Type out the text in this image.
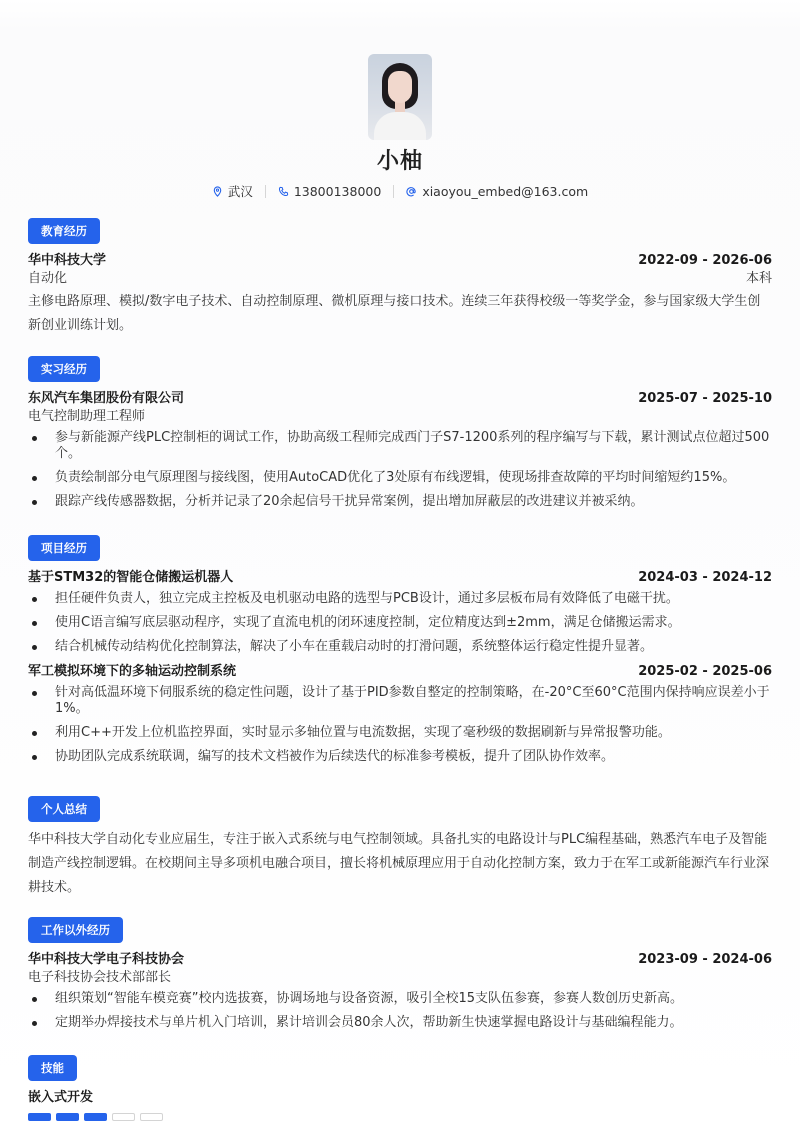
小柚
武汉	13800138000	xiaoyou_embed@163.com
教育经历
华中科技大学	2022-09 - 2026-06
自动化	本科
主修电路原理、模拟/数字电子技术、自动控制原理、微机原理与接口技术。连续三年获得校级一等奖学金，参与国家级大学生创新创业训练计划。
实习经历
东风汽车集团股份有限公司	2025-07 - 2025-10
电气控制助理工程师
参与新能源产线PLC控制柜的调试工作，协助高级工程师完成西门子S7-1200系列的程序编写与下载，累计测试点位超过500个。
负责绘制部分电气原理图与接线图，使用AutoCAD优化了3处原有布线逻辑，使现场排查故障的平均时间缩短约15%。
跟踪产线传感器数据，分析并记录了20余起信号干扰异常案例，提出增加屏蔽层的改进建议并被采纳。
项目经历
基于STM32的智能仓储搬运机器人	2024-03 - 2024-12
担任硬件负责人，独立完成主控板及电机驱动电路的选型与PCB设计，通过多层板布局有效降低了电磁干扰。
使用C语言编写底层驱动程序，实现了直流电机的闭环速度控制，定位精度达到±2mm，满足仓储搬运需求。
结合机械传动结构优化控制算法，解决了小车在重载启动时的打滑问题，系统整体运行稳定性提升显著。
军工模拟环境下的多轴运动控制系统	2025-02 - 2025-06
针对高低温环境下伺服系统的稳定性问题，设计了基于PID参数自整定的控制策略，在-20°C至60°C范围内保持响应误差小于1%。
利用C++开发上位机监控界面，实时显示多轴位置与电流数据，实现了毫秒级的数据刷新与异常报警功能。
协助团队完成系统联调，编写的技术文档被作为后续迭代的标准参考模板，提升了团队协作效率。
个人总结
华中科技大学自动化专业应届生，专注于嵌入式系统与电气控制领域。具备扎实的电路设计与PLC编程基础，熟悉汽车电子及智能制造产线控制逻辑。在校期间主导多项机电融合项目，擅长将机械原理应用于自动化控制方案，致力于在军工或新能源汽车行业深耕技术。
工作以外经历
华中科技大学电子科技协会	2023-09 - 2024-06
电子科技协会技术部部长
组织策划“智能车模竞赛”校内选拔赛，协调场地与设备资源，吸引全校15支队伍参赛，参赛人数创历史新高。
定期举办焊接技术与单片机入门培训，累计培训会员80余人次，帮助新生快速掌握电路设计与基础编程能力。
技能
嵌入式开发
